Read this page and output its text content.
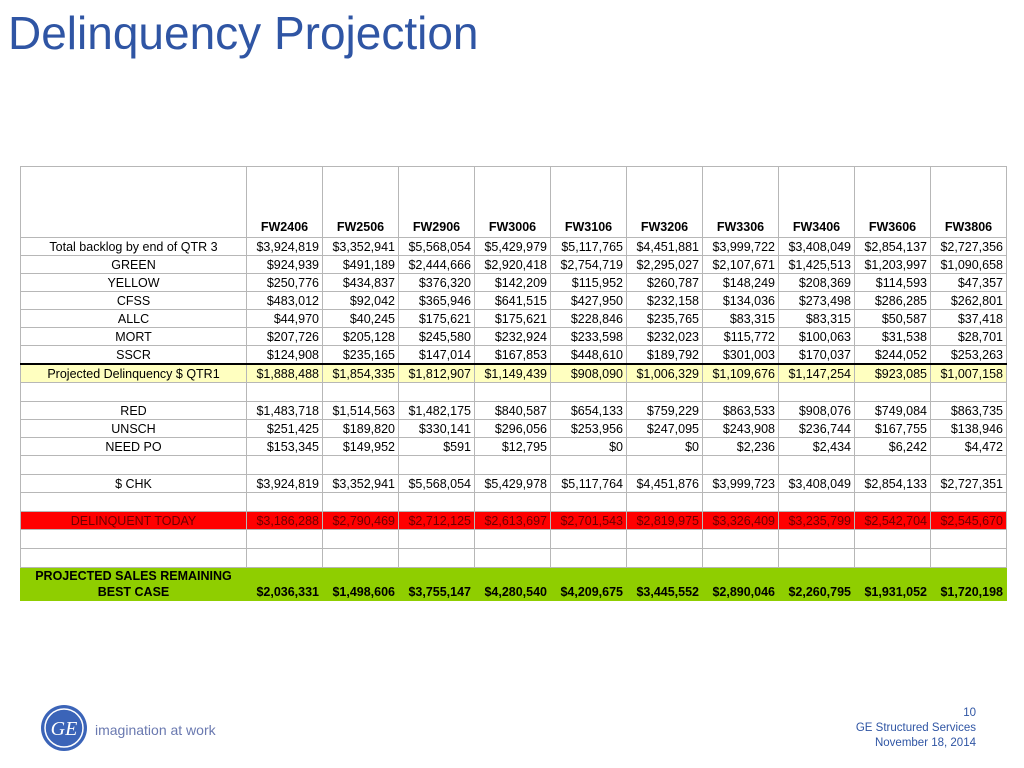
Delinquency Projection
	FW2406	FW2506	FW2906	FW3006	FW3106	FW3206	FW3306	FW3406	FW3606	FW3806
Total backlog by end of QTR 3	$3,924,819	$3,352,941	$5,568,054	$5,429,979	$5,117,765	$4,451,881	$3,999,722	$3,408,049	$2,854,137	$2,727,356
GREEN	$924,939	$491,189	$2,444,666	$2,920,418	$2,754,719	$2,295,027	$2,107,671	$1,425,513	$1,203,997	$1,090,658
YELLOW	$250,776	$434,837	$376,320	$142,209	$115,952	$260,787	$148,249	$208,369	$114,593	$47,357
CFSS	$483,012	$92,042	$365,946	$641,515	$427,950	$232,158	$134,036	$273,498	$286,285	$262,801
ALLC	$44,970	$40,245	$175,621	$175,621	$228,846	$235,765	$83,315	$83,315	$50,587	$37,418
MORT	$207,726	$205,128	$245,580	$232,924	$233,598	$232,023	$115,772	$100,063	$31,538	$28,701
SSCR	$124,908	$235,165	$147,014	$167,853	$448,610	$189,792	$301,003	$170,037	$244,052	$253,263
Projected Delinquency $ QTR1	$1,888,488	$1,854,335	$1,812,907	$1,149,439	$908,090	$1,006,329	$1,109,676	$1,147,254	$923,085	$1,007,158

RED	$1,483,718	$1,514,563	$1,482,175	$840,587	$654,133	$759,229	$863,533	$908,076	$749,084	$863,735
UNSCH	$251,425	$189,820	$330,141	$296,056	$253,956	$247,095	$243,908	$236,744	$167,755	$138,946
NEED PO	$153,345	$149,952	$591	$12,795	$0	$0	$2,236	$2,434	$6,242	$4,472

$ CHK	$3,924,819	$3,352,941	$5,568,054	$5,429,978	$5,117,764	$4,451,876	$3,999,723	$3,408,049	$2,854,133	$2,727,351

DELINQUENT TODAY	$3,186,288	$2,790,469	$2,712,125	$2,613,697	$2,701,543	$2,819,975	$3,326,409	$3,235,799	$2,542,704	$2,545,670

PROJECTED SALES REMAINING
BEST CASE	$2,036,331	$1,498,606	$3,755,147	$4,280,540	$4,209,675	$3,445,552	$2,890,046	$2,260,795	$1,931,052	$1,720,198
GE imagination at work
10
GE Structured Services
November 18, 2014
